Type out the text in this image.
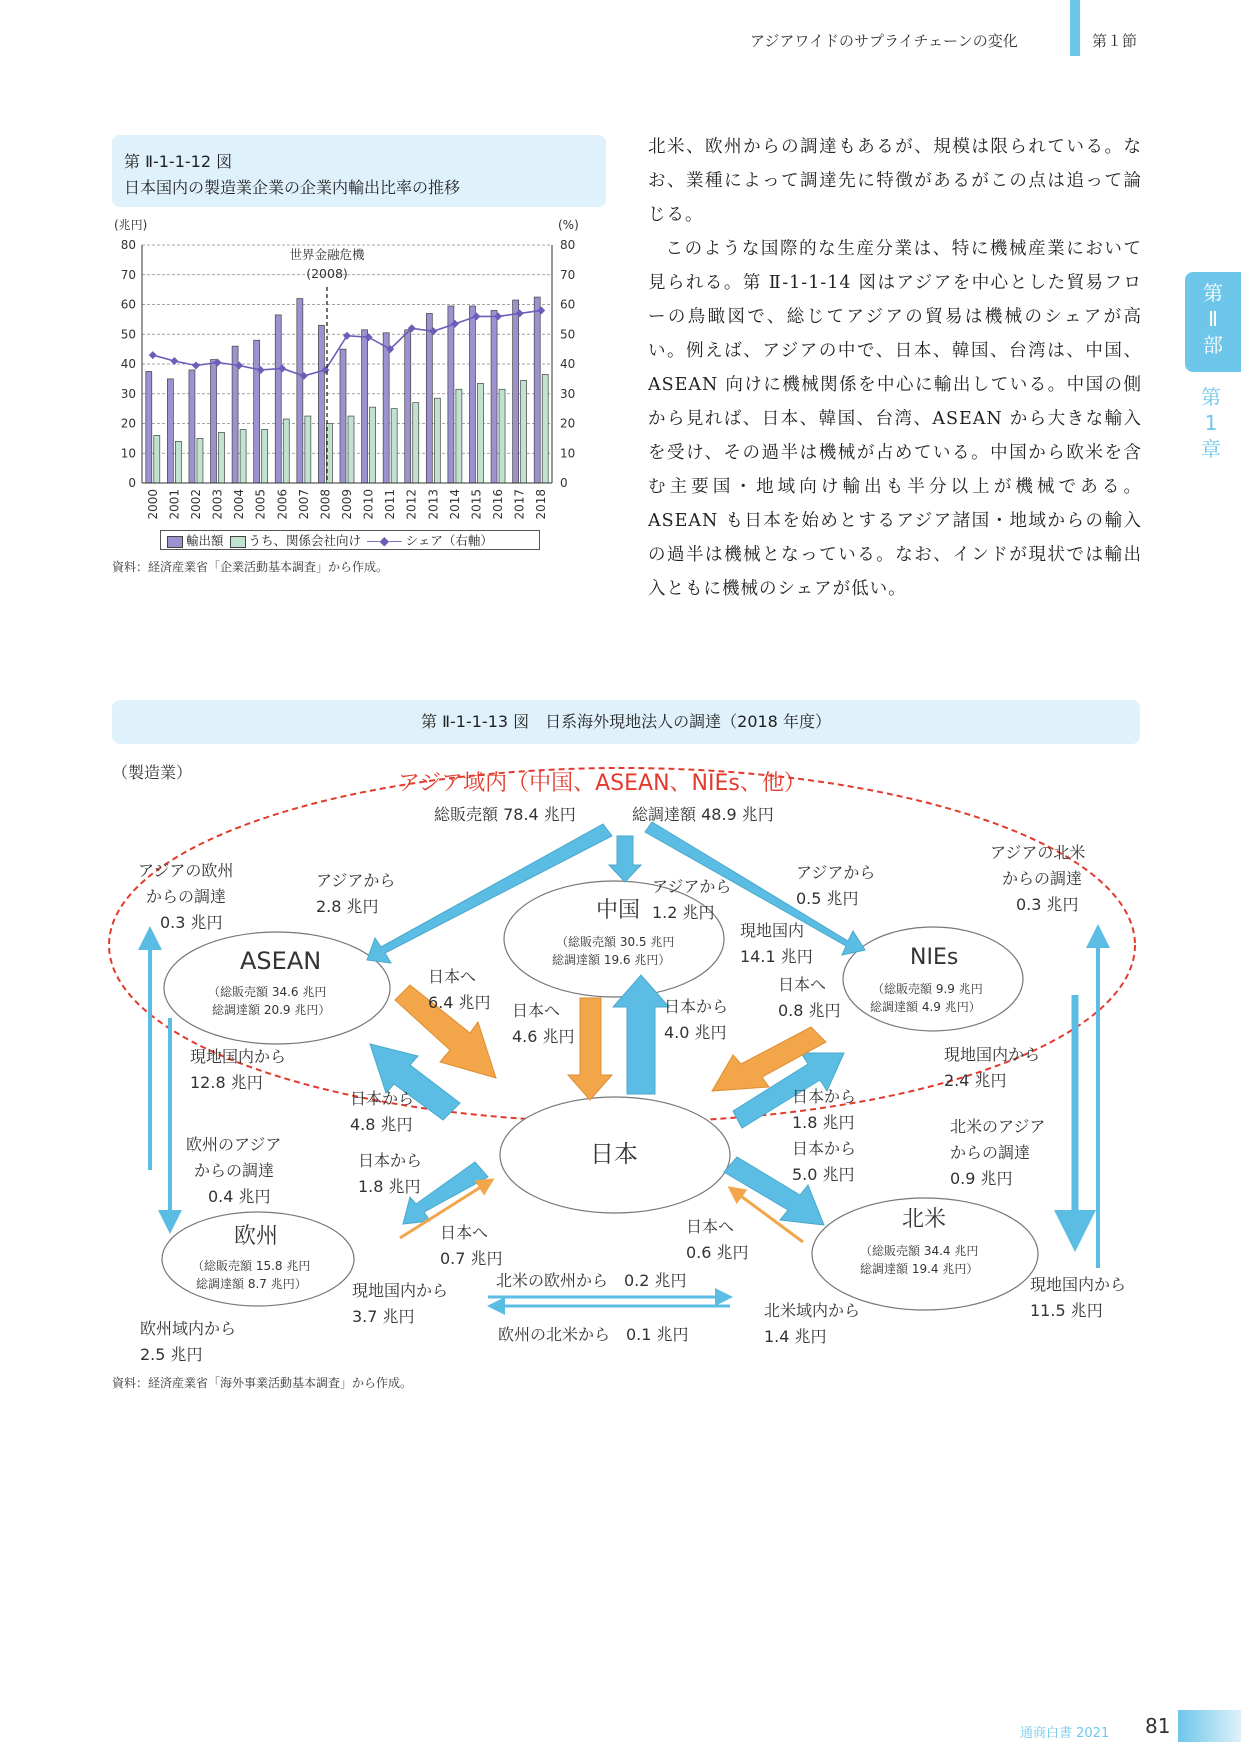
アジアワイドのサプライチェーンの変化	第１節
第
Ⅱ
部
第
1
章
第 Ⅱ-1-1-12 図
日本国内の製造業企業の企業内輸出比率の推移
(兆円)	(%)
世界金融危機
(2008)
0	0
10	10
20	20
30	30
40	40
50	50
60	60
70	70
80	80
2000 2001 2002 2003 2004 2005 2006 2007 2008 2009 2010 2011 2012 2013 2014 2015 2016 2017 2018
輸出額	うち、関係会社向け ―◆― シェア（右軸）
資料：経済産業省「企業活動基本調査」から作成。

北米、欧州からの調達もあるが、規模は限られている。なお、業種によって調達先に特徴があるがこの点は追って論じる。

このような国際的な生産分業は、特に機械産業において見られる。第 Ⅱ-1-1-14 図はアジアを中心とした貿易フローの鳥瞰図で、総じてアジアの貿易は機械のシェアが高い。例えば、アジアの中で、日本、韓国、台湾は、中国、ASEAN 向けに機械関係を中心に輸出している。中国の側から見れば、日本、韓国、台湾、ASEAN から大きな輸入を受け、その過半は機械が占めている。中国から欧米を含む主要国・地域向け輸出も半分以上が機械である。ASEAN も日本を始めとするアジア諸国・地域からの輸入の過半は機械となっている。なお、インドが現状では輸出入ともに機械のシェアが低い。

第 Ⅱ-1-1-13 図　日系海外現地法人の調達（2018 年度）
（製造業）	アジア域内（中国、ASEAN、NIEs、他）
総販売額 78.4 兆円	総調達額 48.9 兆円
ASEAN
（総販売額 34.6 兆円
総調達額 20.9 兆円）
中国
（総販売額 30.5 兆円
総調達額 19.6 兆円）	NIEs
（総販売額 9.9 兆円
総調達額 4.9 兆円）
日本
欧州
（総販売額 15.8 兆円
総調達額 8.7 兆円）
北米
（総販売額 34.4 兆円
総調達額 19.4 兆円）
アジアの欧州
からの調達
0.3 兆円
アジアから
2.8 兆円
アジアから
1.2 兆円
アジアから
0.5 兆円
アジアの北米
からの調達
0.3 兆円
現地国内
14.1 兆円
日本へ
6.4 兆円 日本へ
4.6 兆円
日本から
4.0 兆円
日本へ
0.8 兆円
現地国内から
12.8 兆円
現地国内から
2.4 兆円
日本から
4.8 兆円
日本から
1.8 兆円
日本から
5.0 兆円
北米のアジア
からの調達
0.9 兆円
欧州のアジア
からの調達
0.4 兆円
日本から
1.8 兆円
日本へ
0.7 兆円
日本へ
0.6 兆円
北米の欧州から　0.2 兆円
欧州の北米から　0.1 兆円
現地国内から
3.7 兆円
欧州域内から
2.5 兆円
北米域内から
1.4 兆円
現地国内から
11.5 兆円
資料：経済産業省「海外事業活動基本調査」から作成。
通商白書 2021 81
